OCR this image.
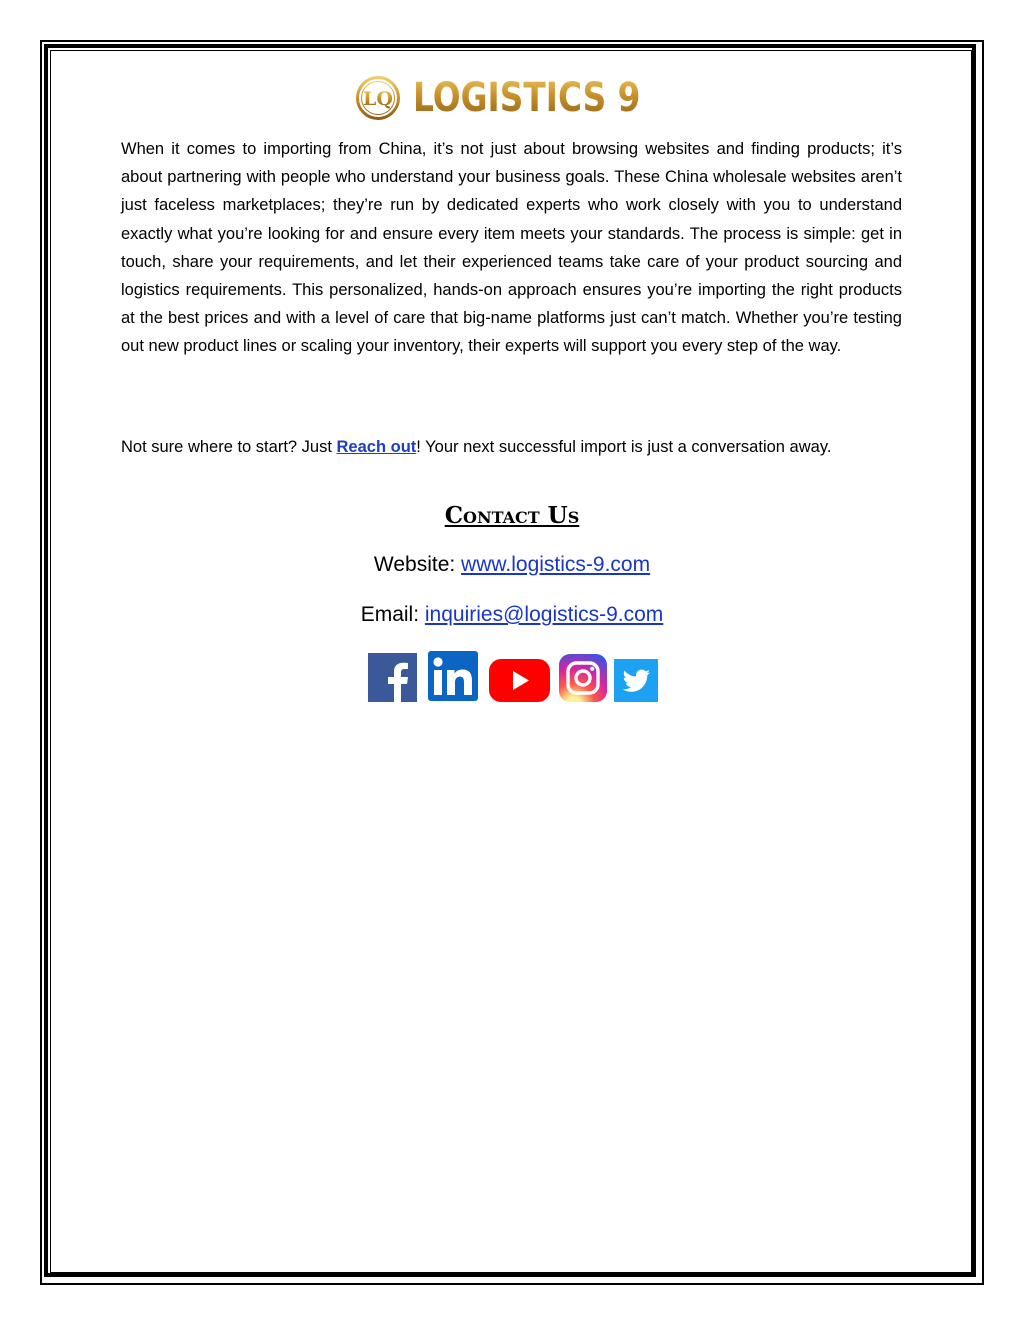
LQ LOGISTICS 9

When it comes to importing from China, it’s not just about browsing websites and finding products; it’s about partnering with people who understand your business goals. These China wholesale websites aren’t just faceless marketplaces; they’re run by dedicated experts who work closely with you to understand exactly what you’re looking for and ensure every item meets your standards. The process is simple: get in touch, share your requirements, and let their experienced teams take care of your product sourcing and logistics requirements. This personalized, hands-on approach ensures you’re importing the right products at the best prices and with a level of care that big-name platforms just can’t match. Whether you’re testing out new product lines or scaling your inventory, their experts will support you every step of the way.

Not sure where to start? Just Reach out! Your next successful import is just a conversation away.

Contact Us

Website: www.logistics-9.com

Email: inquiries@logistics-9.com
